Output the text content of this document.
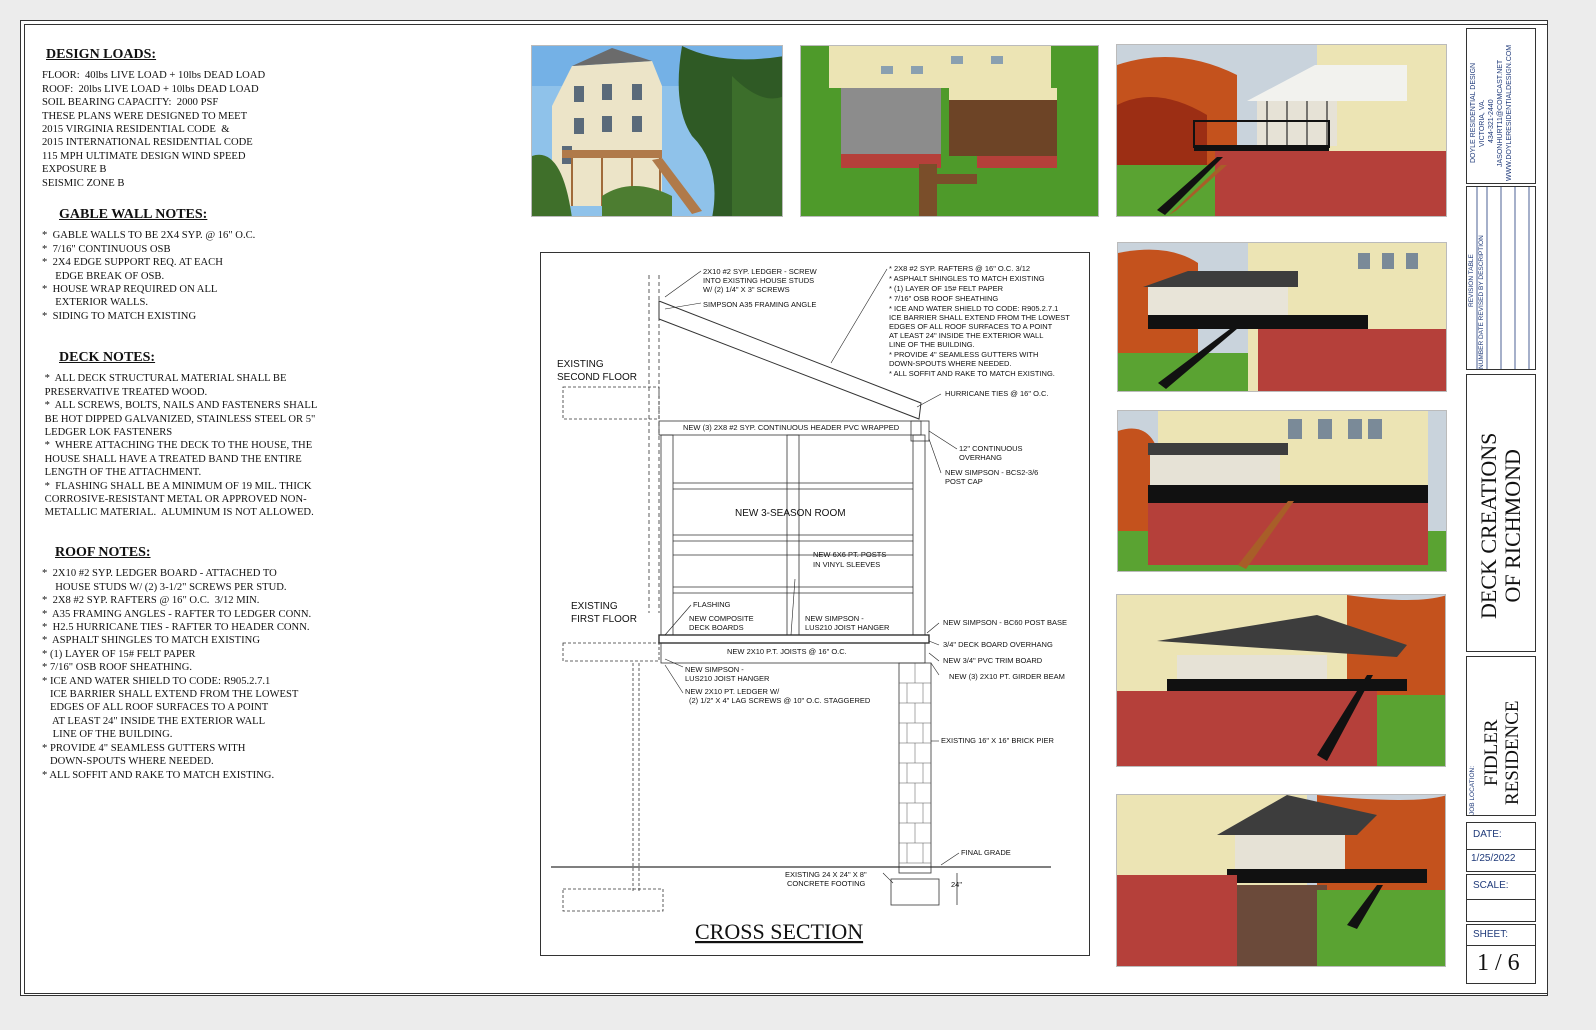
DESIGN LOADS:
FLOOR:  40lbs LIVE LOAD + 10lbs DEAD LOAD
ROOF:  20lbs LIVE LOAD + 10lbs DEAD LOAD
SOIL BEARING CAPACITY:  2000 PSF
THESE PLANS WERE DESIGNED TO MEET
2015 VIRGINIA RESIDENTIAL CODE  &
2015 INTERNATIONAL RESIDENTIAL CODE
115 MPH ULTIMATE DESIGN WIND SPEED
EXPOSURE B
SEISMIC ZONE B
GABLE WALL NOTES:
*  GABLE WALLS TO BE 2X4 SYP. @ 16" O.C.
*  7/16" CONTINUOUS OSB
*  2X4 EDGE SUPPORT REQ. AT EACH
EDGE BREAK OF OSB.
*  HOUSE WRAP REQUIRED ON ALL
EXTERIOR WALLS.
*  SIDING TO MATCH EXISTING
DECK NOTES:
*  ALL DECK STRUCTURAL MATERIAL SHALL BE
PRESERVATIVE TREATED WOOD.
*  ALL SCREWS, BOLTS, NAILS AND FASTENERS SHALL
BE HOT DIPPED GALVANIZED, STAINLESS STEEL OR 5"
LEDGER LOK FASTENERS
*  WHERE ATTACHING THE DECK TO THE HOUSE, THE
HOUSE SHALL HAVE A TREATED BAND THE ENTIRE
LENGTH OF THE ATTACHMENT.
*  FLASHING SHALL BE A MINIMUM OF 19 MIL. THICK
CORROSIVE-RESISTANT METAL OR APPROVED NON-
METALLIC MATERIAL.  ALUMINUM IS NOT ALLOWED.
ROOF NOTES:
*  2X10 #2 SYP. LEDGER BOARD - ATTACHED TO
HOUSE STUDS W/ (2) 3-1/2" SCREWS PER STUD.
*  2X8 #2 SYP. RAFTERS @ 16" O.C.  3/12 MIN.
*  A35 FRAMING ANGLES - RAFTER TO LEDGER CONN.
*  H2.5 HURRICANE TIES - RAFTER TO HEADER CONN.
*  ASPHALT SHINGLES TO MATCH EXISTING
* (1) LAYER OF 15# FELT PAPER
* 7/16" OSB ROOF SHEATHING.
* ICE AND WATER SHIELD TO CODE: R905.2.7.1
ICE BARRIER SHALL EXTEND FROM THE LOWEST
EDGES OF ALL ROOF SURFACES TO A POINT
AT LEAST 24" INSIDE THE EXTERIOR WALL
LINE OF THE BUILDING.
* PROVIDE 4" SEAMLESS GUTTERS WITH
DOWN-SPOUTS WHERE NEEDED.
* ALL SOFFIT AND RAKE TO MATCH EXISTING.
EXISTING
SECOND FLOOR
EXISTING
FIRST FLOOR
NEW 3-SEASON ROOM
NEW (3) 2X8 #2 SYP. CONTINUOUS HEADER PVC WRAPPED
NEW 6X6 PT. POSTS
IN VINYL SLEEVES
NEW 2X10 P.T. JOISTS @ 16" O.C.
2X10 #2 SYP. LEDGER - SCREW
INTO EXISTING HOUSE STUDS
W/ (2) 1/4" X 3" SCREWS
SIMPSON A35 FRAMING ANGLE
* 2X8 #2 SYP. RAFTERS @ 16" O.C. 3/12
* ASPHALT SHINGLES TO MATCH EXISTING
* (1) LAYER OF 15# FELT PAPER
* 7/16" OSB ROOF SHEATHING
* ICE AND WATER SHIELD TO CODE: R905.2.7.1
ICE BARRIER SHALL EXTEND FROM THE LOWEST
EDGES OF ALL ROOF SURFACES TO A POINT
AT LEAST 24" INSIDE THE EXTERIOR WALL
LINE OF THE BUILDING.
* PROVIDE 4" SEAMLESS GUTTERS WITH
DOWN-SPOUTS WHERE NEEDED.
* ALL SOFFIT AND RAKE TO MATCH EXISTING.
HURRICANE TIES @ 16" O.C.
12" CONTINUOUS
OVERHANG
NEW SIMPSON - BCS2-3/6
POST CAP
FLASHING
NEW COMPOSITE
DECK BOARDS
NEW SIMPSON -
LUS210 JOIST HANGER
NEW SIMPSON - BC60 POST BASE
3/4" DECK BOARD OVERHANG
NEW 3/4" PVC TRIM BOARD
NEW (3) 2X10 PT. GIRDER BEAM
NEW SIMPSON -
LUS210 JOIST HANGER
NEW 2X10 PT. LEDGER W/
(2) 1/2" X 4" LAG SCREWS @ 10" O.C. STAGGERED
EXISTING 16" X 16" BRICK PIER
FINAL GRADE
EXISTING 24 X 24" X 8"
CONCRETE FOOTING	24"
CROSS SECTION
DOYLE RESIDENTIAL DESIGN VICTORIA, VA. 434-321-2440 JASONHURT11@COMCAST.NET WWW.DOYLERESIDENTIALDESIGN.COM
REVISION TABLE
NUMBER DATE REVISED BY DESCRIPTION
DECK CREATIONS OF RICHMOND
JOB LOCATION:
FIDLER RESIDENCE
DATE:
1/25/2022
SCALE:
SHEET:
1 / 6
